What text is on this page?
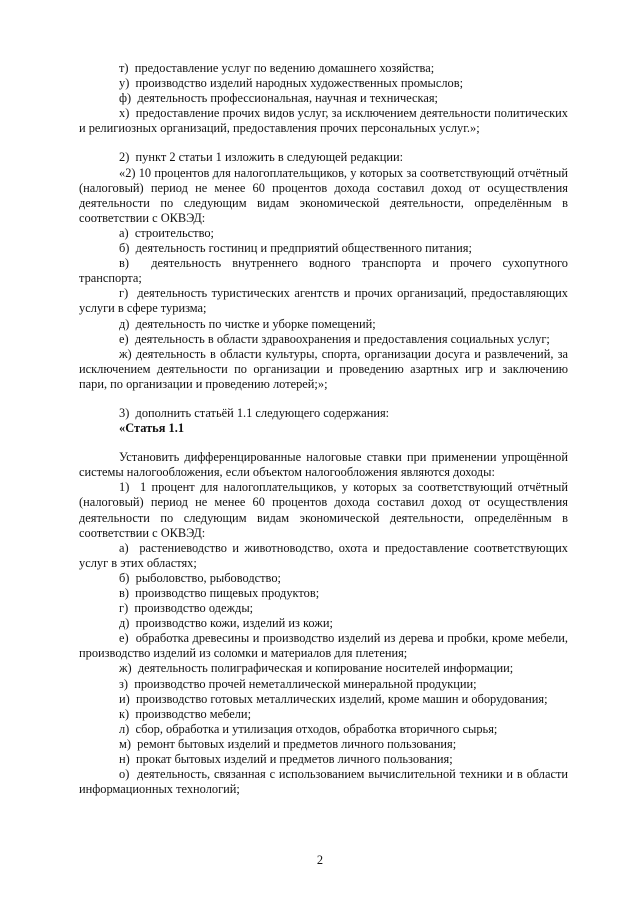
т)  предоставление услуг по ведению домашнего хозяйства;

у)  производство изделий народных художественных промыслов;

ф)  деятельность профессиональная, научная и техническая;

х)  предоставление прочих видов услуг, за исключением деятельности политических и религиозных организаций, предоставления прочих персональных услуг.»;

2)  пункт 2 статьи 1 изложить в следующей редакции:

«2) 10 процентов для налогоплательщиков, у которых за соответствующий отчётный (налоговый) период не менее 60 процентов дохода составил доход от осуществления деятельности по следующим видам экономической деятельности, определённым в соответствии с ОКВЭД:

а)  строительство;

б)  деятельность гостиниц и предприятий общественного питания;

в)  деятельность внутреннего водного транспорта и прочего сухопутного транспорта;

г)  деятельность туристических агентств и прочих организаций, предоставляющих услуги в сфере туризма;

д)  деятельность по чистке и уборке помещений;

е)  деятельность в области здравоохранения и предоставления социальных услуг;

ж) деятельность в области культуры, спорта, организации досуга и развлечений, за исключением деятельности по организации и проведению азартных игр и заключению пари, по организации и проведению лотерей;»;

3)  дополнить статьёй 1.1 следующего содержания:

«Статья 1.1

Установить дифференцированные налоговые ставки при применении упрощённой системы налогообложения, если объектом налогообложения являются доходы:

1)  1 процент для налогоплательщиков, у которых за соответствующий отчётный (налоговый) период не менее 60 процентов дохода составил доход от осуществления деятельности по следующим видам экономической деятельности, определённым в соответствии с ОКВЭД:

а)  растениеводство и животноводство, охота и предоставление соответствующих услуг в этих областях;

б)  рыболовство, рыбоводство;

в)  производство пищевых продуктов;

г)  производство одежды;

д)  производство кожи, изделий из кожи;

е)  обработка древесины и производство изделий из дерева и пробки, кроме мебели, производство изделий из соломки и материалов для плетения;

ж)  деятельность полиграфическая и копирование носителей информации;

з)  производство прочей неметаллической минеральной продукции;

и)  производство готовых металлических изделий, кроме машин и оборудования;

к)  производство мебели;

л)  сбор, обработка и утилизация отходов, обработка вторичного сырья;

м)  ремонт бытовых изделий и предметов личного пользования;

н)  прокат бытовых изделий и предметов личного пользования;

о)  деятельность, связанная с использованием вычислительной техники и в области информационных технологий;

2
